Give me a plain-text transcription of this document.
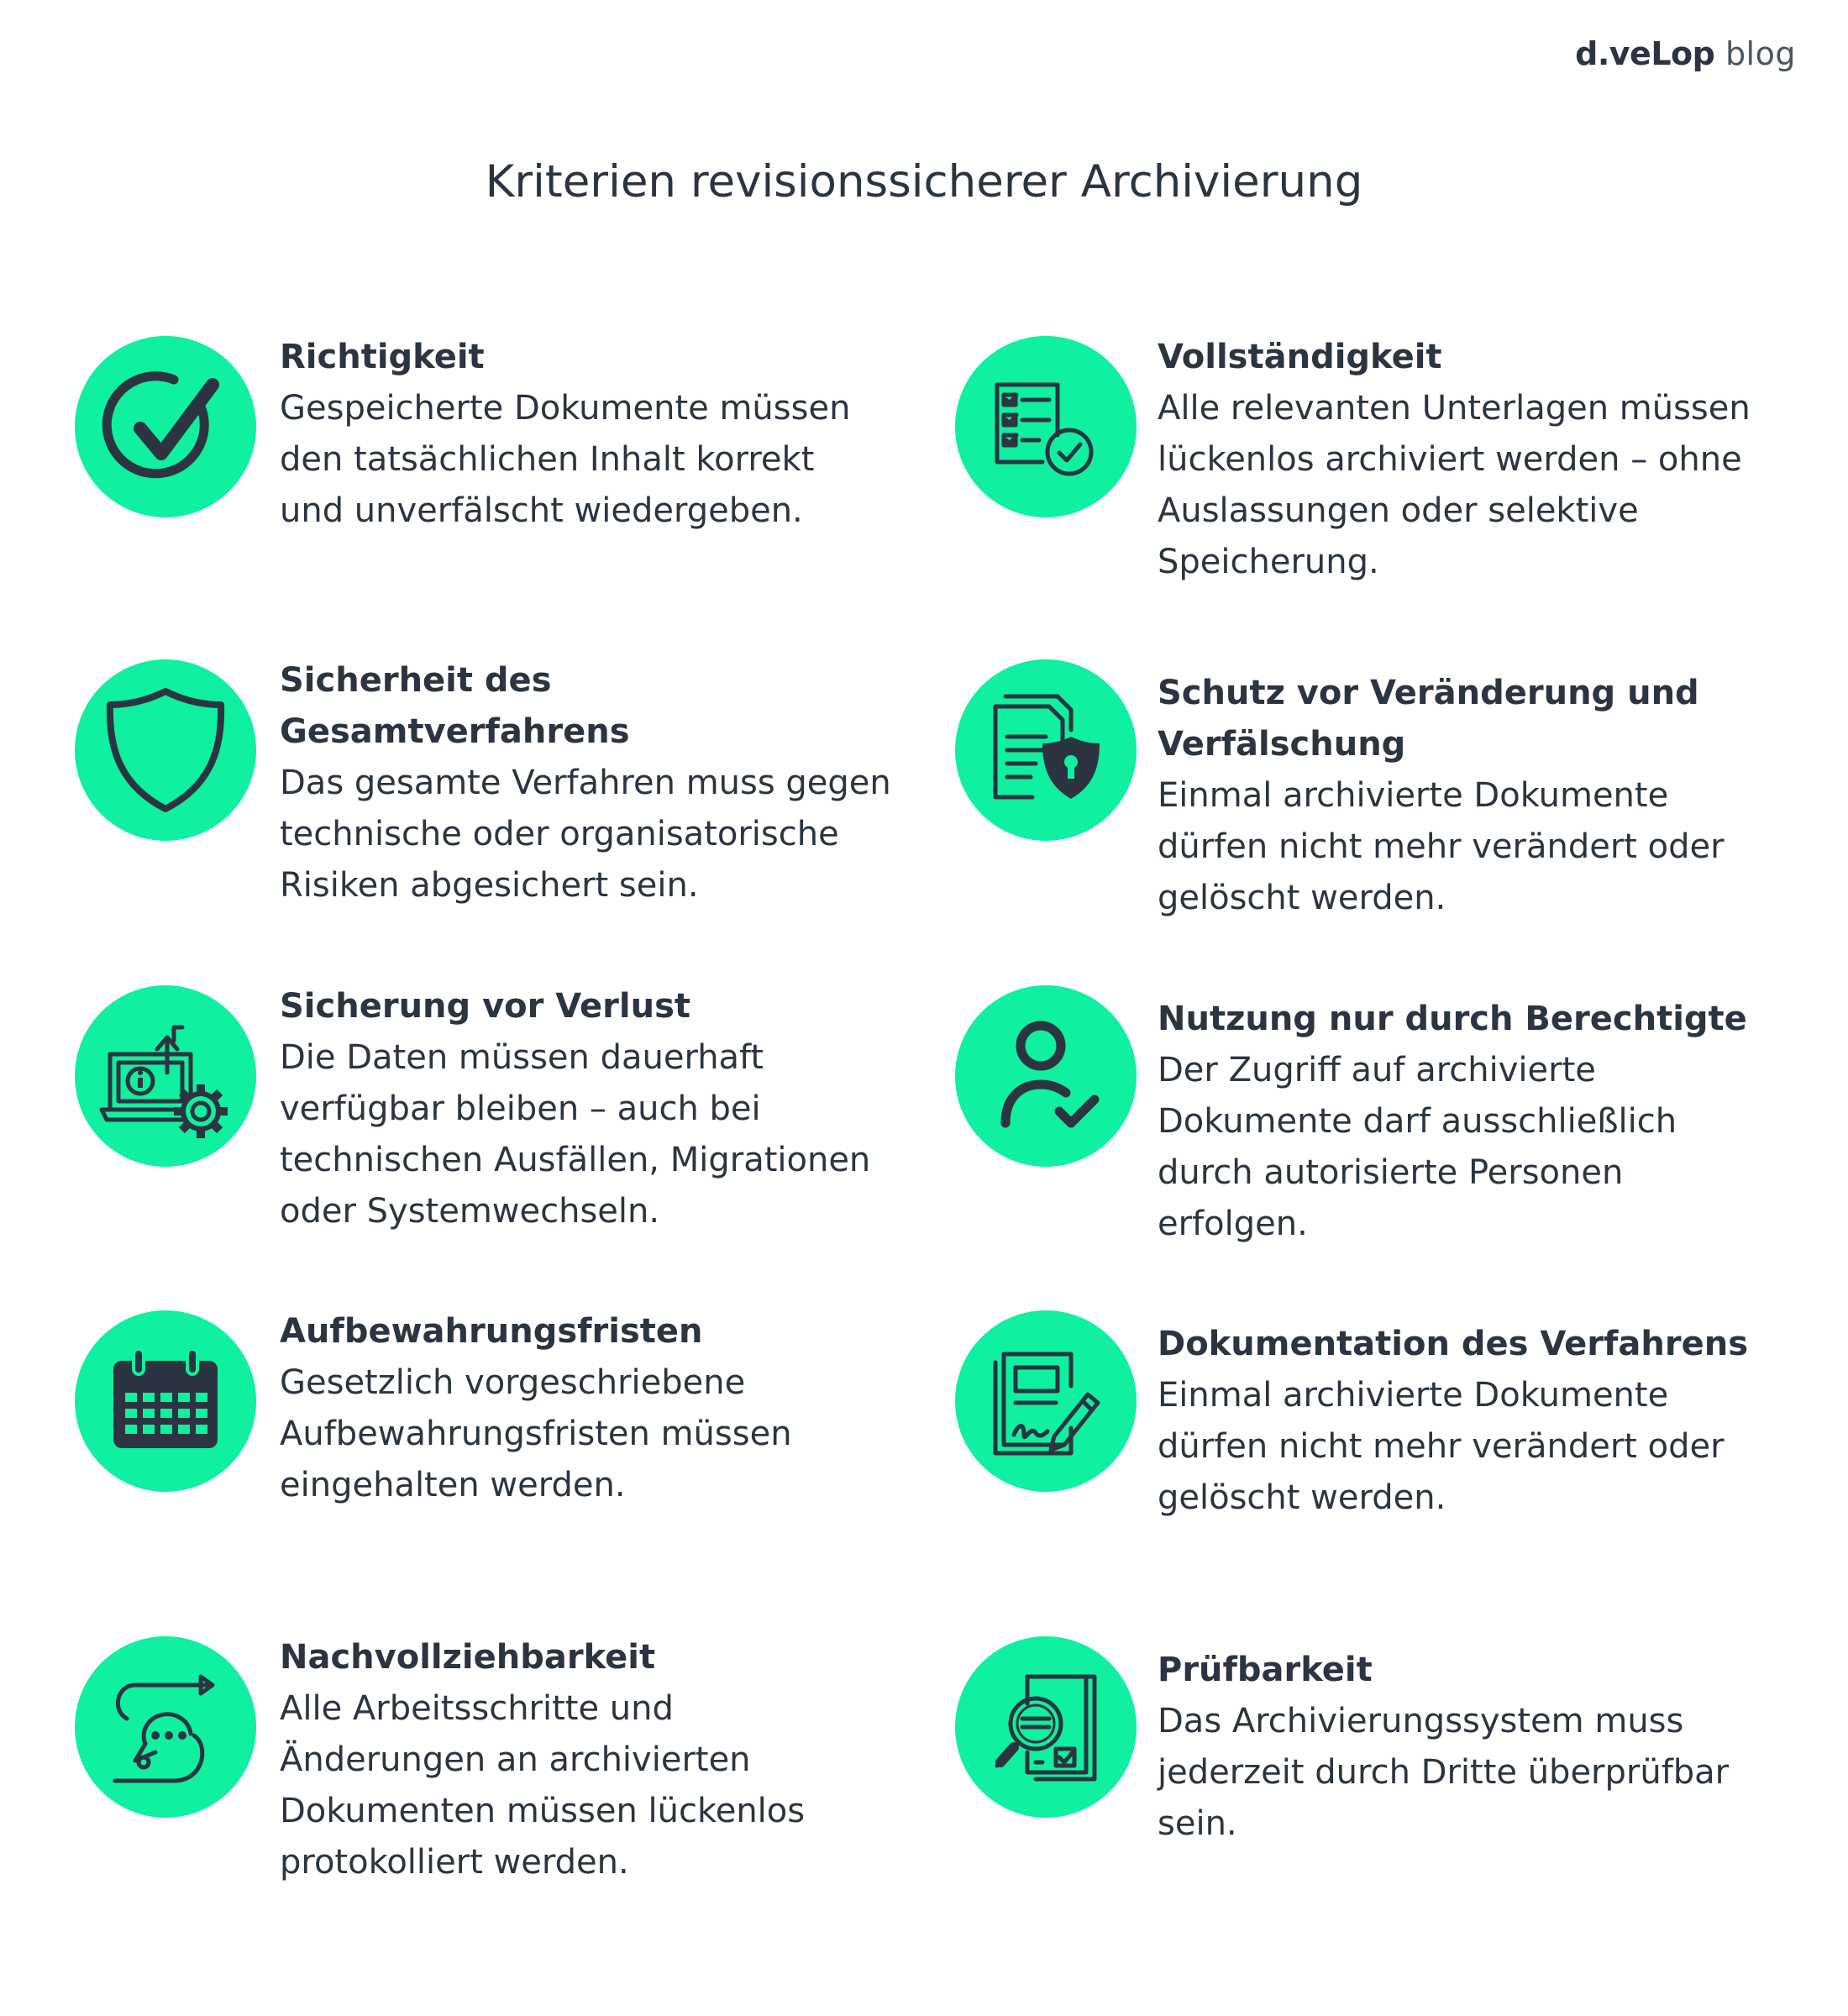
d.veLop blog
Kriterien revisionssicherer Archivierung
Richtigkeit
Gespeicherte Dokumente müssen den tatsächlichen Inhalt korrekt und unverfälscht wiedergeben.
Vollständigkeit
Alle relevanten Unterlagen müssen lückenlos archiviert werden – ohne Auslassungen oder selektive Speicherung.
Sicherheit des Gesamtverfahrens
Das gesamte Verfahren muss gegen technische oder organisatorische Risiken abgesichert sein.
Schutz vor Veränderung und Verfälschung
Einmal archivierte Dokumente dürfen nicht mehr verändert oder gelöscht werden.
Sicherung vor Verlust
Die Daten müssen dauerhaft verfügbar bleiben – auch bei technischen Ausfällen, Migrationen oder Systemwechseln.
Nutzung nur durch Berechtigte
Der Zugriff auf archivierte Dokumente darf ausschließlich durch autorisierte Personen erfolgen.
Aufbewahrungsfristen
Gesetzlich vorgeschriebene Aufbewahrungsfristen müssen eingehalten werden.
Dokumentation des Verfahrens
Einmal archivierte Dokumente dürfen nicht mehr verändert oder gelöscht werden.
Nachvollziehbarkeit
Alle Arbeitsschritte und Änderungen an archivierten Dokumenten müssen lückenlos protokolliert werden.
Prüfbarkeit
Das Archivierungssystem muss jederzeit durch Dritte überprüfbar sein.
